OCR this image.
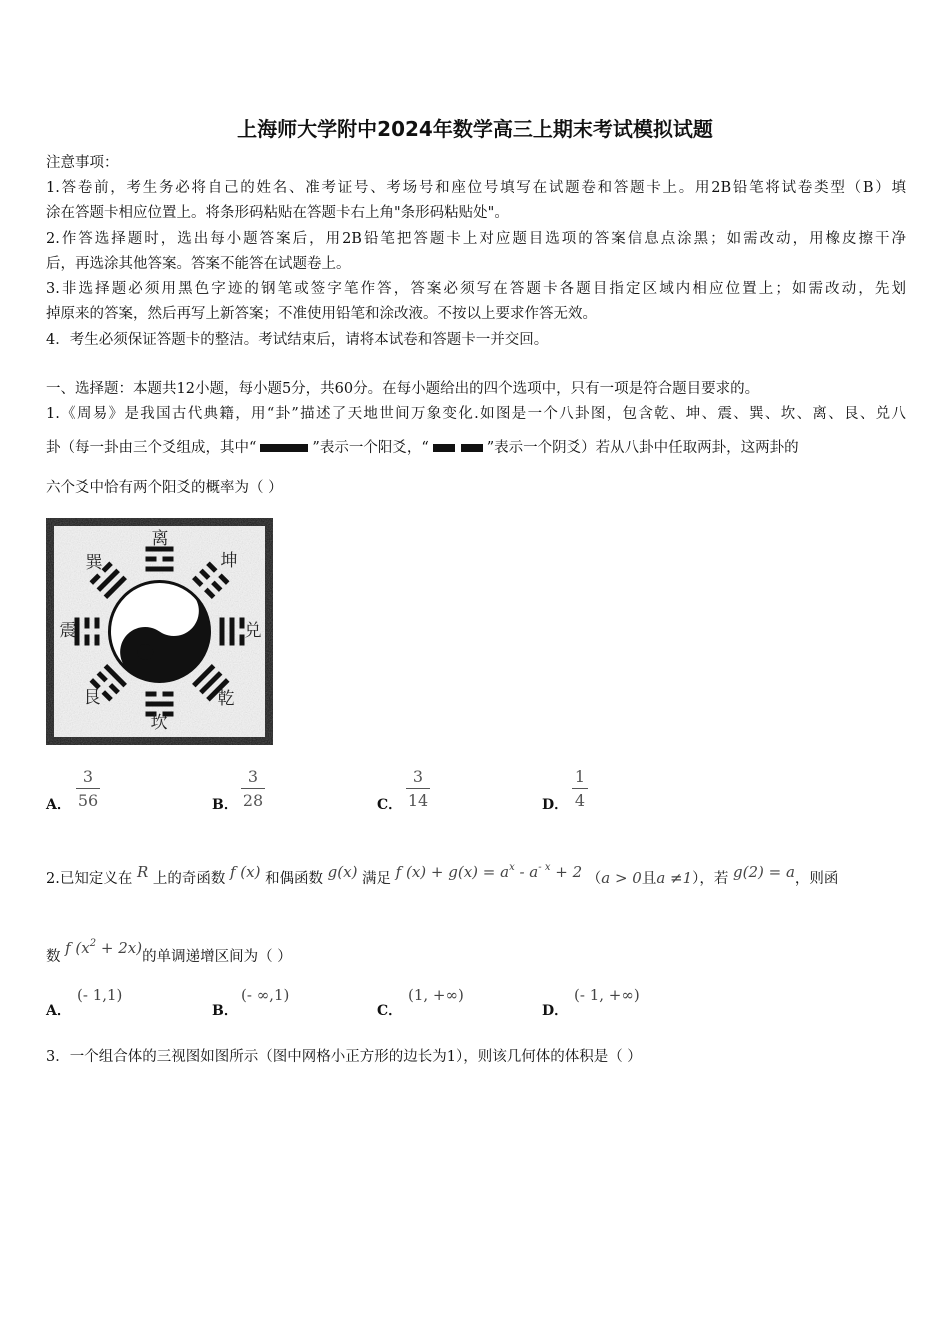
上海师大学附中2024年数学高三上期末考试模拟试题
注意事项：
1.答卷前，考生务必将自己的姓名、准考证号、考场号和座位号填写在试题卷和答题卡上。用2B铅笔将试卷类型（B）填
涂在答题卡相应位置上。将条形码粘贴在答题卡右上角"条形码粘贴处"。
2.作答选择题时，选出每小题答案后，用2B铅笔把答题卡上对应题目选项的答案信息点涂黑；如需改动，用橡皮擦干净
后，再选涂其他答案。答案不能答在试题卷上。
3.非选择题必须用黑色字迹的钢笔或签字笔作答，答案必须写在答题卡各题目指定区域内相应位置上；如需改动，先划
掉原来的答案，然后再写上新答案；不准使用铅笔和涂改液。不按以上要求作答无效。
4．考生必须保证答题卡的整洁。考试结束后，请将本试卷和答题卡一并交回。
一、选择题：本题共12小题，每小题5分，共60分。在每小题给出的四个选项中，只有一项是符合题目要求的。
1.《周易》是我国古代典籍，用“卦”描述了天地世间万象变化.如图是一个八卦图，包含乾、坤、震、巽、坎、离、艮、兑八
卦（每一卦由三个爻组成，其中“	”表示一个阳爻，“	”表示一个阴爻）若从八卦中任取两卦，这两卦的
六个爻中恰有两个阳爻的概率为（ ）
离
坤
兑
乾
坎
艮
震
巽
A．
3
56	B．
3
28	C．
3
14	D．
1
4
2.已知定义在 R 上的奇函数 f (x) 和偶函数 g(x) 满足 f $(x) + g(x) = a^x - a^{- x} + 2$ （a > 0且a ≠1），若 g(2) = a，则函
数 f $(x^2 + 2x)$的单调递增区间为（ ）
A．
(- 1,1)
B．
(- ∞,1)
C．
(1, +∞)
D．
(- 1, +∞)
3．一个组合体的三视图如图所示（图中网格小正方形的边长为1），则该几何体的体积是（ ）
